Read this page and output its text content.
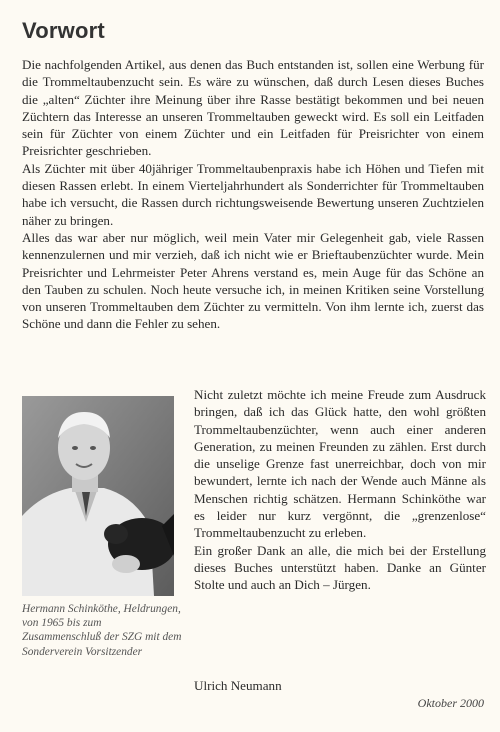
Vorwort

Die nachfolgenden Artikel, aus denen das Buch entstanden ist, sollen eine Werbung für die Trommeltaubenzucht sein. Es wäre zu wünschen, daß durch Lesen dieses Buches die „alten“ Züchter ihre Meinung über ihre Rasse bestätigt bekommen und bei neuen Züchtern das Interesse an unseren Trommeltauben geweckt wird. Es soll ein Leitfaden sein für Züchter von einem Züchter und ein Leitfaden für Preisrichter von einem Preisrichter geschrieben.

Als Züchter mit über 40jähriger Trommeltaubenpraxis habe ich Höhen und Tiefen mit diesen Rassen erlebt. In einem Vierteljahrhundert als Sonderrichter für Trommeltauben habe ich versucht, die Rassen durch richtungsweisende Bewertung unseren Zuchtzielen näher zu bringen.

Alles das war aber nur möglich, weil mein Vater mir Gelegenheit gab, viele Rassen kennenzulernen und mir verzieh, daß ich nicht wie er Brieftaubenzüchter wurde. Mein Preisrichter und Lehrmeister Peter Ahrens verstand es, mein Auge für das Schöne an den Tauben zu schulen. Noch heute versuche ich, in meinen Kritiken seine Vorstellung von unseren Trommeltauben dem Züchter zu vermitteln. Von ihm lernte ich, zuerst das Schöne und dann die Fehler zu sehen.

Hermann Schinköthe, Heldrungen, von 1965 bis zum Zusammenschluß der SZG mit dem Sonderverein Vorsitzender

Nicht zuletzt möchte ich meine Freude zum Ausdruck bringen, daß ich das Glück hatte, den wohl größten Trommeltaubenzüchter, wenn auch einer anderen Generation, zu meinen Freunden zu zählen. Erst durch die unselige Grenze fast unerreichbar, doch von mir bewundert, lernte ich nach der Wende auch Männe als Menschen richtig schätzen. Hermann Schinköthe war es leider nur kurz vergönnt, die „grenzenlose“ Trommeltaubenzucht zu erleben.

Ein großer Dank an alle, die mich bei der Erstellung dieses Buches unterstützt haben. Danke an Günter Stolte und auch an Dich – Jürgen.

Ulrich Neumann
Oktober 2000
